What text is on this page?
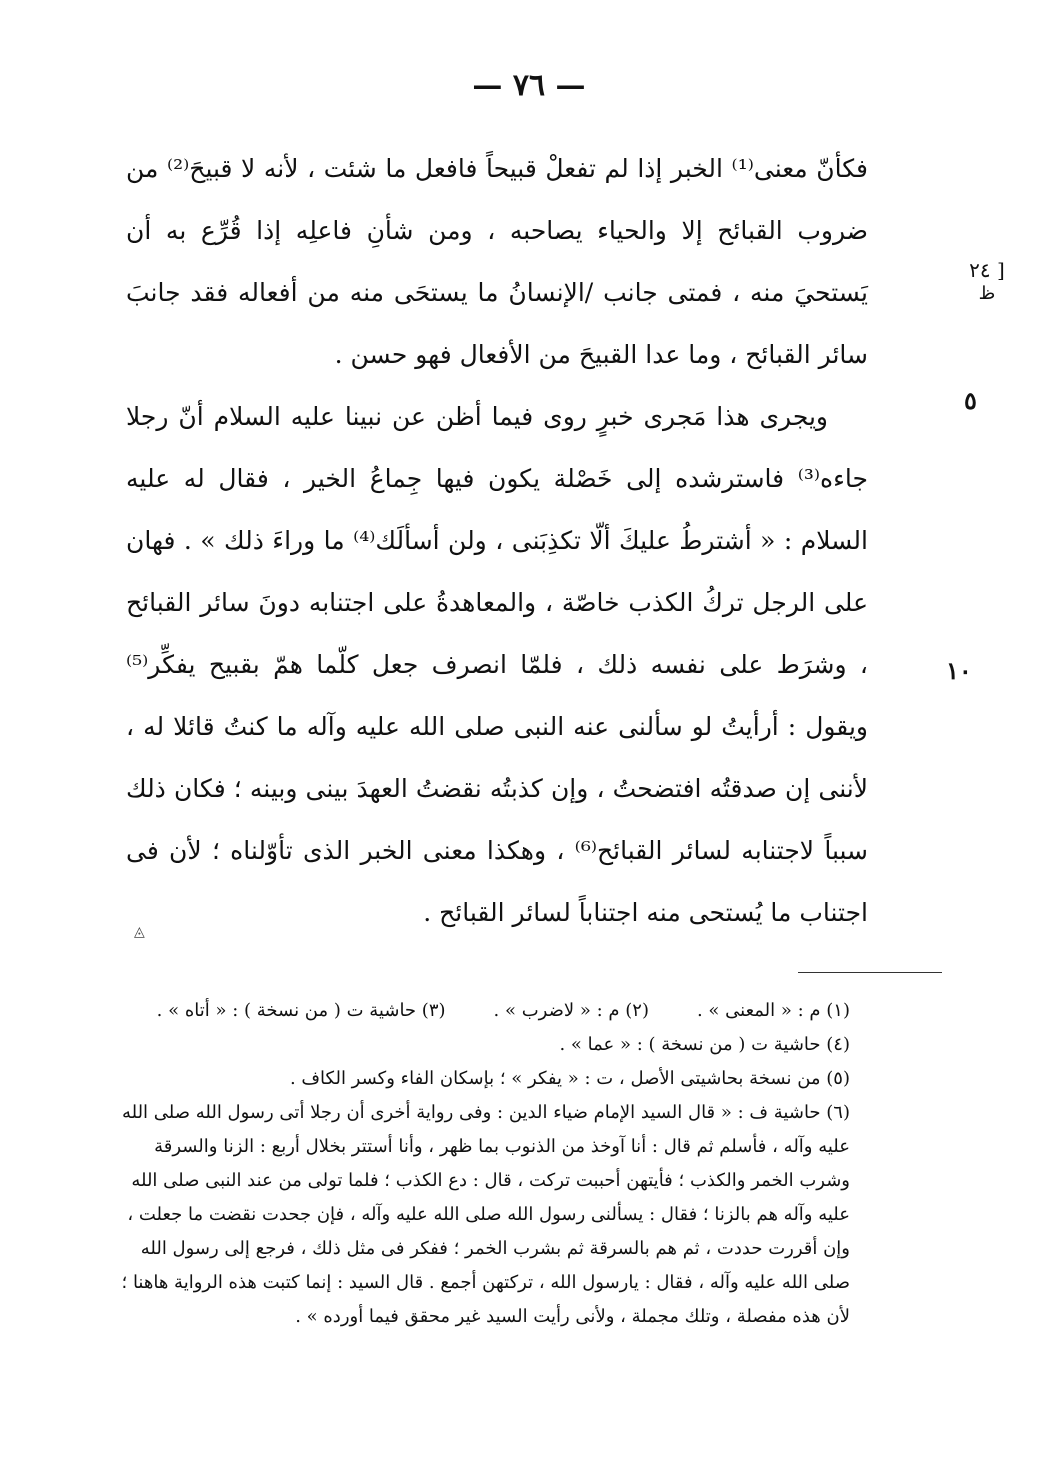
— ٧٦ —
[ ٢٤
ظ
٥
١٠

فكأنّ معنى⁽¹⁾ الخبر إذا لم تفعلْ قبيحاً فافعل ما شئت ، لأنه لا قبيحَ⁽²⁾ من ضروب القبائح إلا والحياء يصاحبه ، ومن شأنِ فاعلِه إذا قُرِّع به أن يَستحيَ منه ، فمتى جانب /الإنسانُ ما يستحَى منه من أفعاله فقد جانبَ سائر القبائح ، وما عدا القبيحَ من الأفعال فهو حسن .

ويجرى هذا مَجرى خبرٍ روى فيما أظن عن نبينا عليه السلام أنّ رجلا جاءه⁽³⁾ فاسترشده إلى خَصْلة يكون فيها جِماعُ الخير ، فقال له عليه السلام : « أشترطُ عليكَ ألّا تكذِبَنى ، ولن أسألَك⁽⁴⁾ ما وراءَ ذلك » . فهان على الرجل تركُ الكذب خاصّة ، والمعاهدةُ على اجتنابه دونَ سائر القبائح ، وشرَط على نفسه ذلك ، فلمّا انصرف جعل كلّما همّ بقبيح يفكِّر⁽⁵⁾ ويقول : أرأيتُ لو سألنى عنه النبى صلى الله عليه وآله ما كنتُ قائلا له ، لأننى إن صدقتُه افتضحتُ ، وإن كذبتُه نقضتُ العهدَ بينى وبينه ؛ فكان ذلك سبباً لاجتنابه لسائر القبائح⁽⁶⁾ ، وهكذا معنى الخبر الذى تأوّلناه ؛ لأن فى اجتناب ما يُستحى منه اجتناباً لسائر القبائح .

◬
(١) م : « المعنى » .
(٢) م : « لاضرب » .
(٣) حاشية ت ( من نسخة ) : « أتاه » .

(٤) حاشية ت ( من نسخة ) : « عما » .

(٥) من نسخة بحاشيتى الأصل ، ت : « يفكر » ؛ بإسكان الفاء وكسر الكاف .

(٦) حاشية ف : « قال السيد الإمام ضياء الدين : وفى رواية أخرى أن رجلا أتى رسول الله صلى الله عليه وآله ، فأسلم ثم قال : أنا آوخذ من الذنوب بما ظهر ، وأنا أستتر بخلال أربع : الزنا والسرقة وشرب الخمر والكذب ؛ فأيتهن أحببت تركت ، قال : دع الكذب ؛ فلما تولى من عند النبى صلى الله عليه وآله هم بالزنا ؛ فقال : يسألنى رسول الله صلى الله عليه وآله ، فإن جحدت نقضت ما جعلت ، وإن أقررت حددت ، ثم هم بالسرقة ثم بشرب الخمر ؛ ففكر فى مثل ذلك ، فرجع إلى رسول الله صلى الله عليه وآله ، فقال : يارسول الله ، تركتهن أجمع . قال السيد : إنما كتبت هذه الرواية هاهنا ؛ لأن هذه مفصلة ، وتلك مجملة ، ولأنى رأيت السيد غير محقق فيما أورده » .
